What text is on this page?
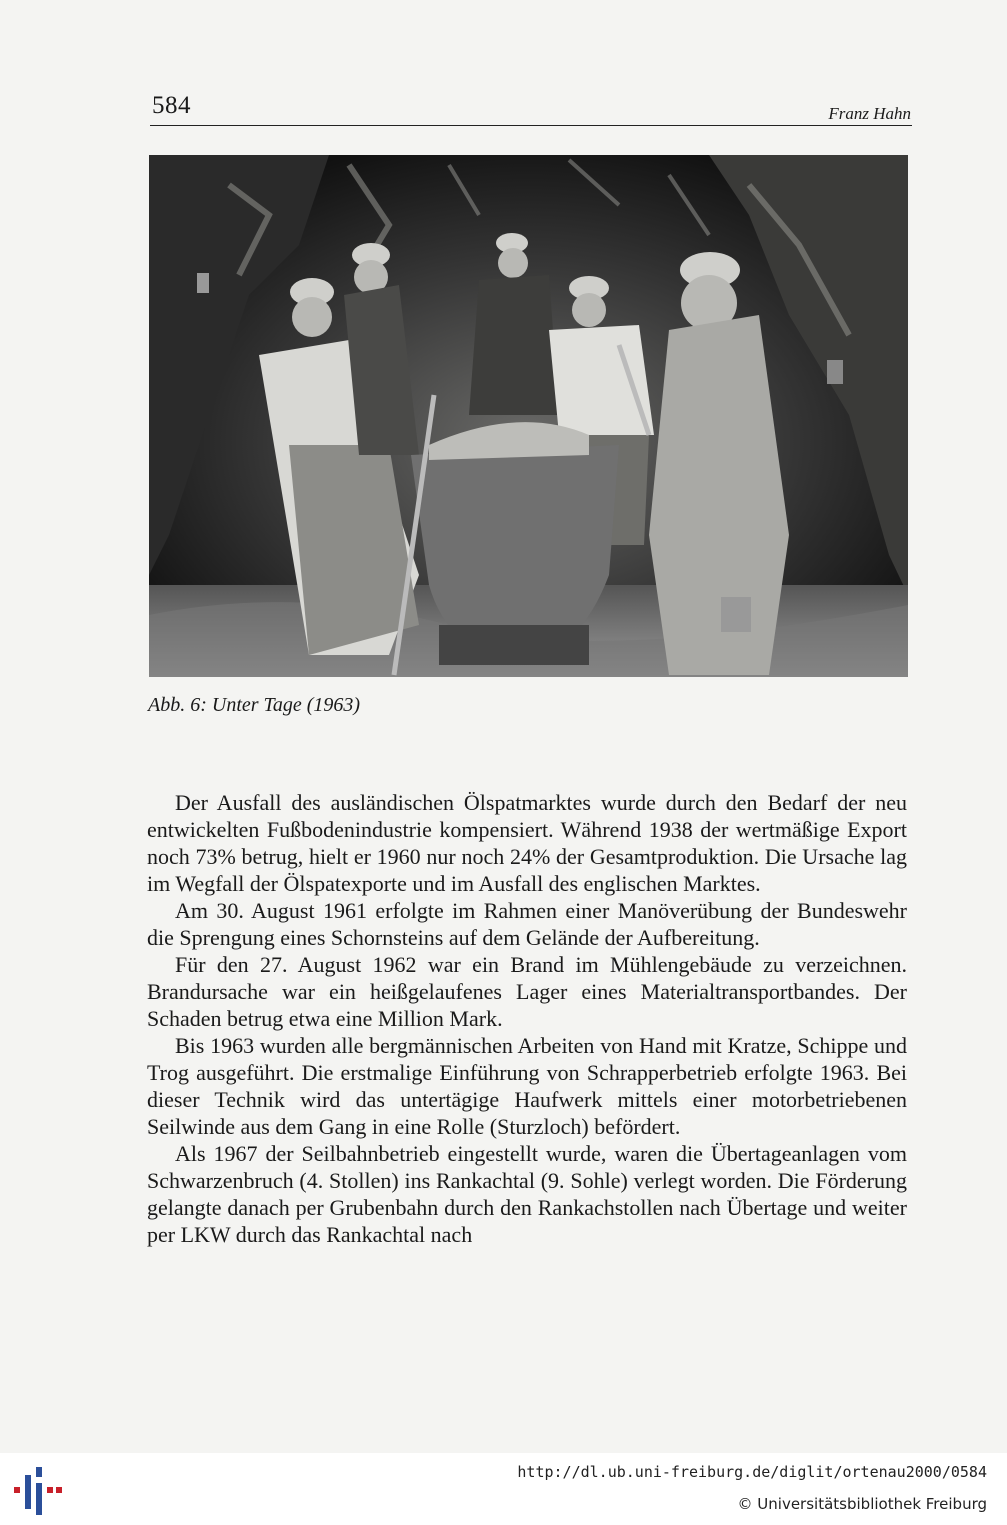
584	Franz Hahn
Abb. 6: Unter Tage (1963)

Der Ausfall des ausländischen Ölspatmarktes wurde durch den Bedarf der neu entwickelten Fußbodenindustrie kompensiert. Während 1938 der wertmäßige Export noch 73% betrug, hielt er 1960 nur noch 24% der Gesamtproduktion. Die Ursache lag im Wegfall der Ölspatexporte und im Ausfall des englischen Marktes.

Am 30. August 1961 erfolgte im Rahmen einer Manöverübung der Bundeswehr die Sprengung eines Schornsteins auf dem Gelände der Aufbereitung.

Für den 27. August 1962 war ein Brand im Mühlengebäude zu verzeichnen. Brandursache war ein heißgelaufenes Lager eines Materialtransportbandes. Der Schaden betrug etwa eine Million Mark.

Bis 1963 wurden alle bergmännischen Arbeiten von Hand mit Kratze, Schippe und Trog ausgeführt. Die erstmalige Einführung von Schrapperbetrieb erfolgte 1963. Bei dieser Technik wird das untertägige Haufwerk mittels einer motorbetriebenen Seilwinde aus dem Gang in eine Rolle (Sturzloch) befördert.

Als 1967 der Seilbahnbetrieb eingestellt wurde, waren die Übertageanlagen vom Schwarzenbruch (4. Stollen) ins Rankachtal (9. Sohle) verlegt worden. Die Förderung gelangte danach per Grubenbahn durch den Rankachstollen nach Übertage und weiter per LKW durch das Rankachtal nach

http://dl.ub.uni-freiburg.de/diglit/ortenau2000/0584
© Universitätsbibliothek Freiburg
